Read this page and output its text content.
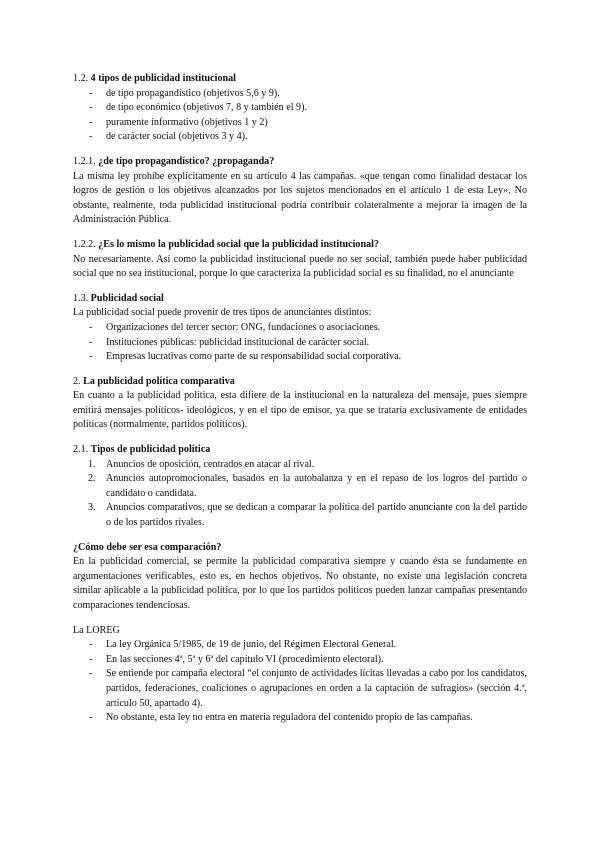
1.2. 4 tipos de publicidad institucional

- de tipo propagandístico (objetivos 5,6 y 9).
- de tipo económico (objetivos 7, 8 y también el 9).
- puramente informativo (objetivos 1 y 2)
- de carácter social (objetivos 3 y 4).

1.2.1. ¿de tipo propagandístico? ¿propaganda?

La misma ley prohíbe explícitamente en su artículo 4 las campañas. «que tengan como finalidad destacar los logros de gestión o los objetivos alcanzados por los sujetos mencionados en el artículo 1 de esta Ley». No obstante, realmente, toda publicidad institucional podría contribuir colateralmente a mejorar la imagen de la Administración Pública.

1.2.2. ¿Es lo mismo la publicidad social que la publicidad institucional?

No necesariamente. Así como la publicidad institucional puede no ser social, también puede haber publicidad social que no sea institucional, porque lo que caracteriza la publicidad social es su finalidad, no el anunciante

1.3. Publicidad social

La publicidad social puede provenir de tres tipos de anunciantes distintos:

- Organizaciones del tercer sector: ONG, fundaciones o asociaciones.
- Instituciones públicas: publicidad institucional de carácter social.
- Empresas lucrativas como parte de su responsabilidad social corporativa.

2. La publicidad política comparativa

En cuanto a la publicidad política, esta difiere de la institucional en la naturaleza del mensaje, pues siempre emitirá mensajes políticos- ideológicos, y en el tipo de emisor, ya que se trataría exclusivamente de entidades políticas (normalmente, partidos políticos).

2.1. Tipos de publicidad política

1. Anuncios de oposición, centrados en atacar al rival.
2. Anuncios autopromocionales, basados en la autobalanza y en el repaso de los logros del partido o candidato o candidata.
3. Anuncios comparativos, que se dedican a comparar la política del partido anunciante con la del partido o de los partidos rivales.

¿Cómo debe ser esa comparación?

En la publicidad comercial, se permite la publicidad comparativa siempre y cuando ésta se fundamente en argumentaciones verificables, esto es, en hechos objetivos. No obstante, no existe una legislación concreta similar aplicable a la publicidad política, por lo que los partidos políticos pueden lanzar campañas presentando comparaciones tendenciosas.

La LOREG

- La ley Orgánica 5/1985, de 19 de junio, del Régimen Electoral General.
- En las secciones 4ª, 5ª y 6ª del capítulo VI (procedimiento electoral).
- Se entiende por campaña electoral “el conjunto de actividades lícitas llevadas a cabo por los candidatos, partidos, federaciones, coaliciones o agrupaciones en orden a la captación de sufragios» (sección 4.ª, artículo 50, apartado 4).
- No obstante, esta ley no entra en materia reguladora del contenido propio de las campañas.
